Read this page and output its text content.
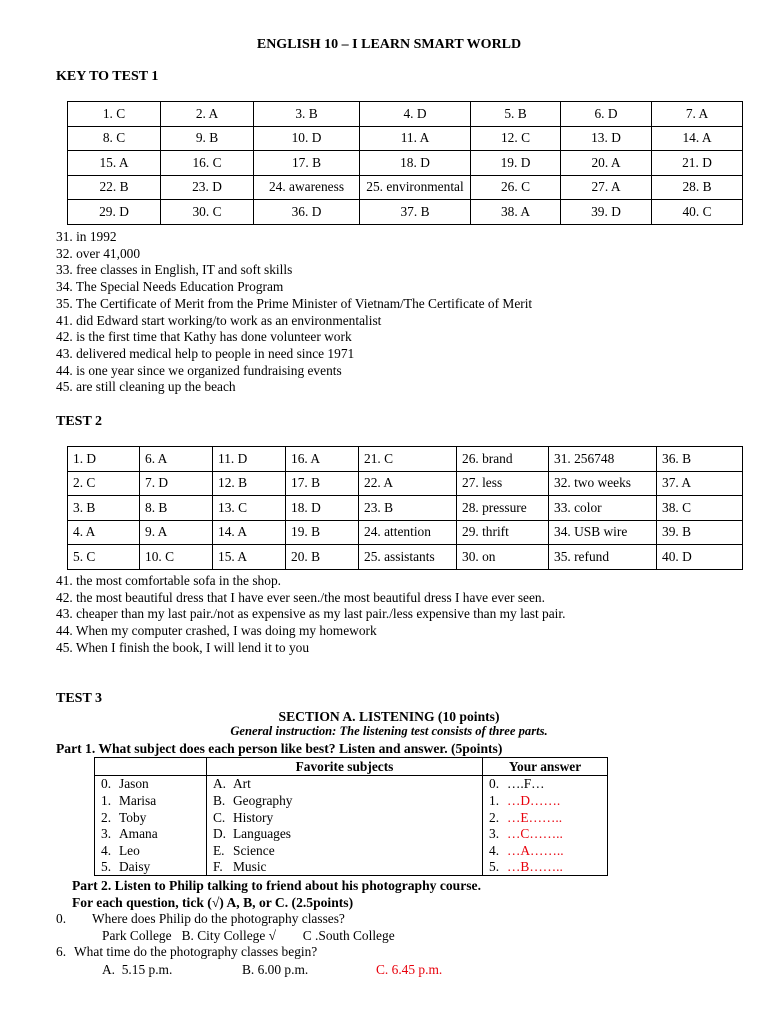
ENGLISH 10 – I LEARN SMART WORLD
KEY TO TEST 1
1. C	2. A	3. B	4. D	5. B	6. D	7. A
8. C	9. B	10. D	11. A	12. C	13. D	14. A
15. A	16. C	17. B	18. D	19. D	20. A	21. D
22. B	23. D	24. awareness	25. environmental	26. C	27. A	28. B
29. D	30. C	36. D	37. B	38. A	39. D	40. C
31. in 1992
32. over 41,000
33. free classes in English, IT and soft skills
34. The Special Needs Education Program
35. The Certificate of Merit from the Prime Minister of Vietnam/The Certificate of Merit
41. did Edward start working/to work as an environmentalist
42. is the first time that Kathy has done volunteer work
43. delivered medical help to people in need since 1971
44. is one year since we organized fundraising events
45. are still cleaning up the beach
TEST 2
1. D	6. A	11. D	16. A	21. C	26. brand	31. 256748	36. B
2. C	7. D	12. B	17. B	22. A	27. less	32. two weeks	37. A
3. B	8. B	13. C	18. D	23. B	28. pressure	33. color	38. C
4. A	9. A	14. A	19. B	24. attention	29. thrift	34. USB wire	39. B
5. C	10. C	15. A	20. B	25. assistants	30. on	35. refund	40. D
41. the most comfortable sofa in the shop.
42. the most beautiful dress that I have ever seen./the most beautiful dress I have ever seen.
43. cheaper than my last pair./not as expensive as my last pair./less expensive than my last pair.
44. When my computer crashed, I was doing my homework
45. When I finish the book, I will lend it to you
TEST 3
SECTION A. LISTENING (10 points)
General instruction: The listening test consists of three parts.
Part 1. What subject does each person like best? Listen and answer. (5points)
	Favorite subjects	Your answer
0. Jason	A. Art	0. ….F…
1. Marisa	B. Geography	1. …D…….
2. Toby	C. History	2. …E……..
3. Amana	D. Languages	3. …C……..
4. Leo	E. Science	4. …A……..
5. Daisy	F. Music	5. …B……..
Part 2. Listen to Philip talking to friend about his photography course.
For each question, tick (√) A, B, or C. (2.5points)
0. Where does Philip do the photography classes?
Park College   B. City College √        C .South College
6. What time do the photography classes begin?
A.  5.15 p.m.	B. 6.00 p.m.	C. 6.45 p.m.
